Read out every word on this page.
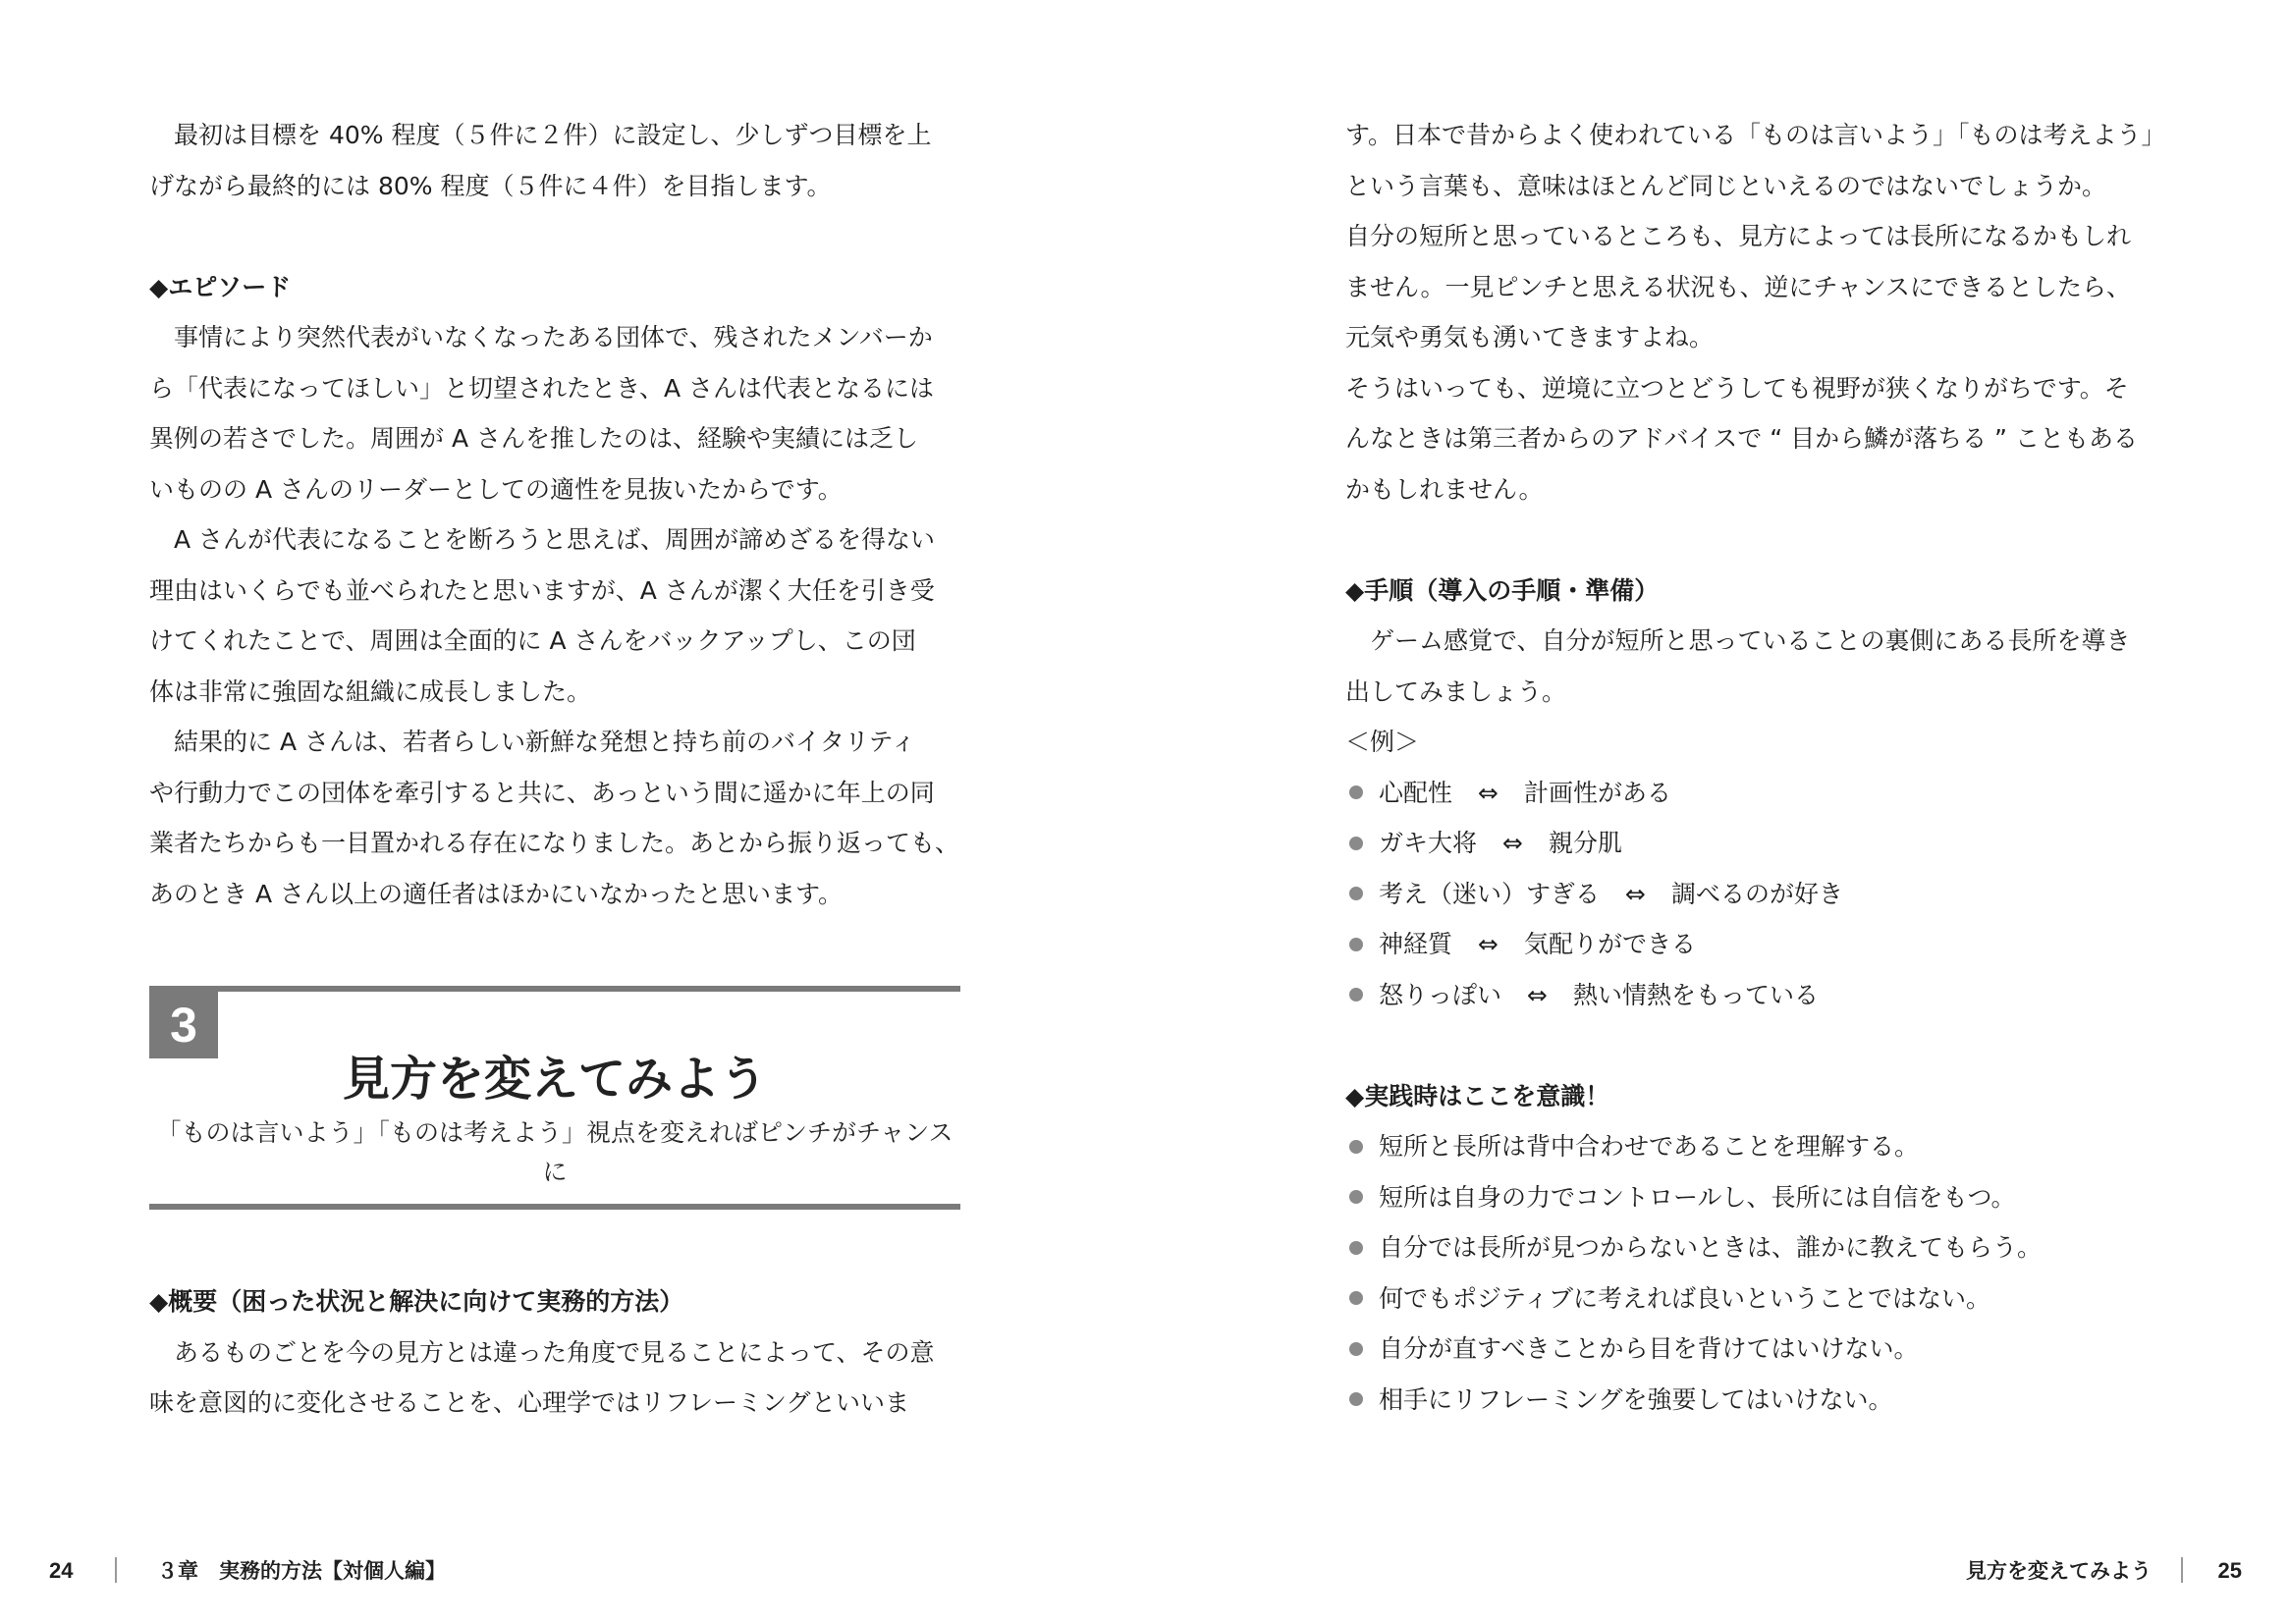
最初は目標を 40% 程度（５件に２件）に設定し、少しずつ目標を上

げながら最終的には 80% 程度（５件に４件）を目指します。

◆エピソード

事情により突然代表がいなくなったある団体で、残されたメンバーか

ら「代表になってほしい」と切望されたとき、A さんは代表となるには

異例の若さでした。周囲が A さんを推したのは、経験や実績には乏し

いものの A さんのリーダーとしての適性を見抜いたからです。

A さんが代表になることを断ろうと思えば、周囲が諦めざるを得ない

理由はいくらでも並べられたと思いますが、A さんが潔く大任を引き受

けてくれたことで、周囲は全面的に A さんをバックアップし、この団

体は非常に強固な組織に成長しました。

結果的に A さんは、若者らしい新鮮な発想と持ち前のバイタリティ

や行動力でこの団体を牽引すると共に、あっという間に遥かに年上の同

業者たちからも一目置かれる存在になりました。あとから振り返っても、

あのとき A さん以上の適任者はほかにいなかったと思います。

3
見方を変えてみよう
「ものは言いよう」「ものは考えよう」視点を変えればピンチがチャンスに

◆概要（困った状況と解決に向けて実務的方法）

あるものごとを今の見方とは違った角度で見ることによって、その意

味を意図的に変化させることを、心理学ではリフレーミングといいま

24	３章　実務的方法【対個人編】

す。日本で昔からよく使われている「ものは言いよう」「ものは考えよう」

という言葉も、意味はほとんど同じといえるのではないでしょうか。

自分の短所と思っているところも、見方によっては長所になるかもしれ

ません。一見ピンチと思える状況も、逆にチャンスにできるとしたら、

元気や勇気も湧いてきますよね。

そうはいっても、逆境に立つとどうしても視野が狭くなりがちです。そ

んなときは第三者からのアドバイスで “ 目から鱗が落ちる ” こともある

かもしれません。

◆手順（導入の手順・準備）

ゲーム感覚で、自分が短所と思っていることの裏側にある長所を導き

出してみましょう。

＜例＞

心配性 ⇔ 計画性がある
ガキ大将 ⇔ 親分肌
考え（迷い）すぎる ⇔ 調べるのが好き
神経質 ⇔ 気配りができる
怒りっぽい ⇔ 熱い情熱をもっている

◆実践時はここを意識！

短所と長所は背中合わせであることを理解する。
短所は自身の力でコントロールし、長所には自信をもつ。
自分では長所が見つからないときは、誰かに教えてもらう。
何でもポジティブに考えれば良いということではない。
自分が直すべきことから目を背けてはいけない。
相手にリフレーミングを強要してはいけない。
見方を変えてみよう	25
